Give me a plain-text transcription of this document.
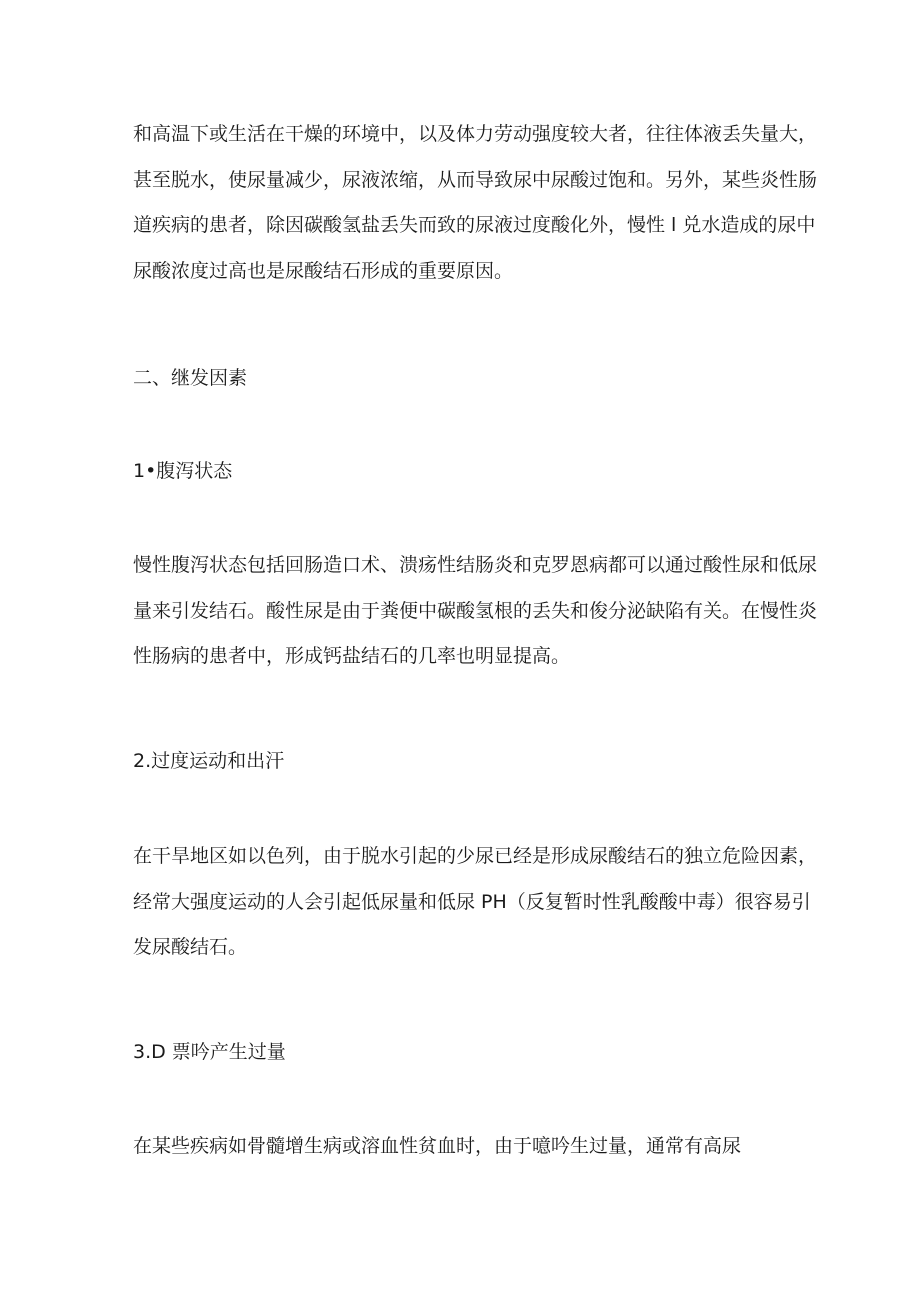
和高温下或生活在干燥的环境中，以及体力劳动强度较大者，往往体液丢失量大，
甚至脱水，使尿量减少，尿液浓缩，从而导致尿中尿酸过饱和。另外，某些炎性肠
道疾病的患者，除因碳酸氢盐丢失而致的尿液过度酸化外，慢性 l 兑水造成的尿中
尿酸浓度过高也是尿酸结石形成的重要原因。

二、继发因素
1•腹泻状态

慢性腹泻状态包括回肠造口术、溃疡性结肠炎和克罗恩病都可以通过酸性尿和低尿
量来引发结石。酸性尿是由于粪便中碳酸氢根的丢失和俊分泌缺陷有关。在慢性炎
性肠病的患者中，形成钙盐结石的几率也明显提高。

2.过度运动和出汗

在干旱地区如以色列，由于脱水引起的少尿已经是形成尿酸结石的独立危险因素，
经常大强度运动的人会引起低尿量和低尿 PH（反复暂时性乳酸酸中毒）很容易引
发尿酸结石。

3.D 票吟产生过量

在某些疾病如骨髓增生病或溶血性贫血时，由于噫吟生过量，通常有高尿
